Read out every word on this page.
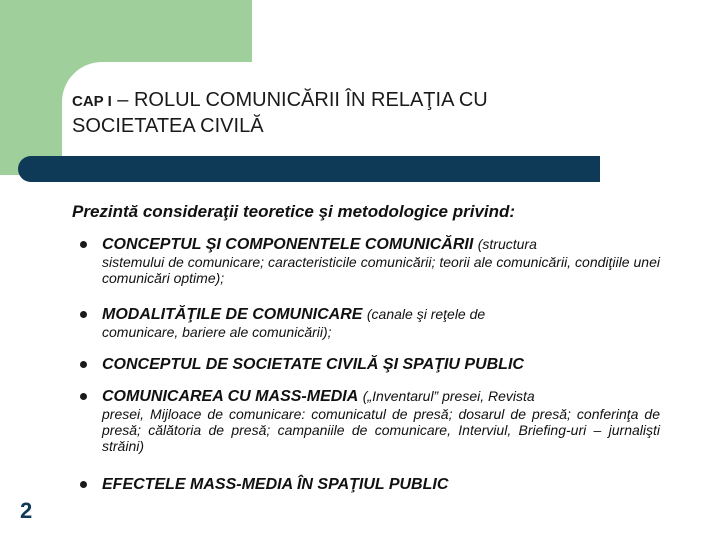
CAP I – ROLUL COMUNICĂRII ÎN RELAŢIA CU
SOCIETATEA CIVILĂ
Prezintă consideraţii teoretice şi metodologice privind:
CONCEPTUL ŞI COMPONENTELE COMUNICĂRII (structura
sistemului de comunicare; caracteristicile comunicării; teorii ale comunicării, condiţiile unei comunicări optime);
MODALITĂŢILE DE COMUNICARE (canale şi reţele de
comunicare, bariere ale comunicării);
CONCEPTUL DE SOCIETATE CIVILĂ ŞI SPAŢIU PUBLIC
COMUNICAREA CU MASS-MEDIA („Inventarul” presei, Revista
presei, Mijloace de comunicare: comunicatul de presă; dosarul de presă; conferinţa de presă; călătoria de presă; campaniile de comunicare, Interviul, Briefing-uri – jurnalişti străini)
EFECTELE MASS-MEDIA ÎN SPAŢIUL PUBLIC
2
